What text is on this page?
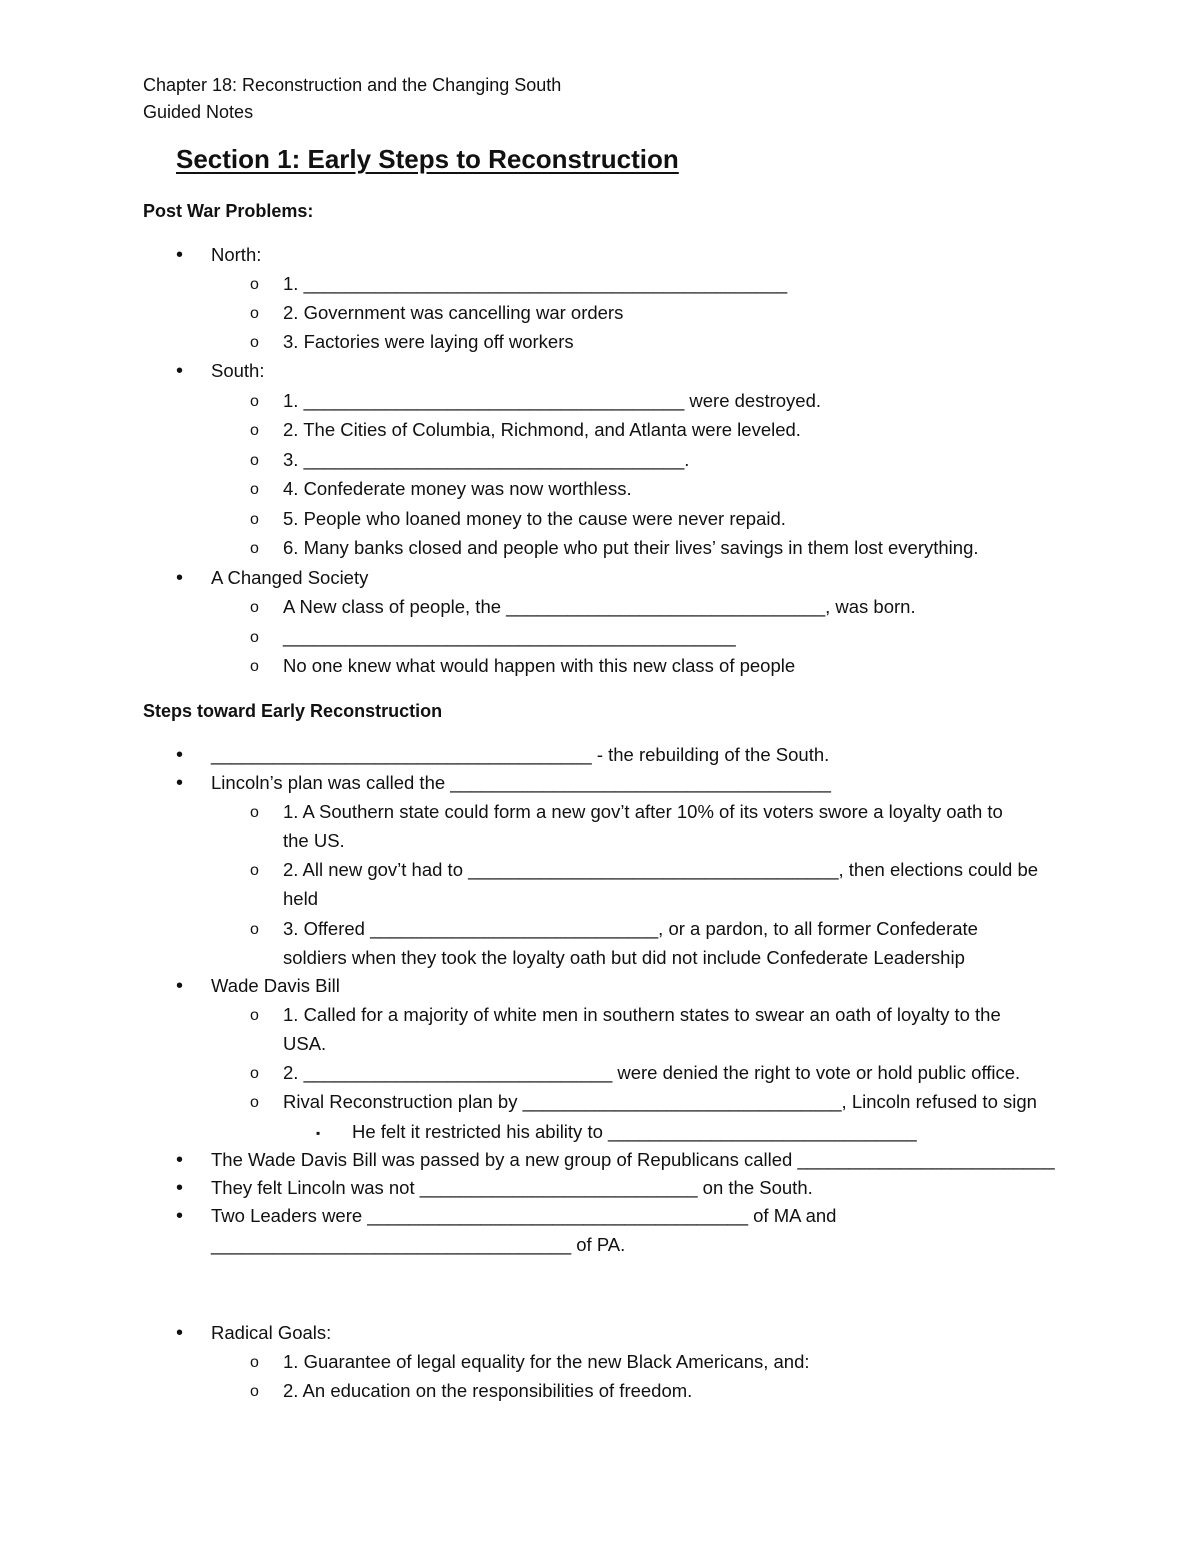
Chapter 18: Reconstruction and the Changing South
Guided Notes
Section 1: Early Steps to Reconstruction
Post War Problems:
• North:
o 1. _______________________________________________
o 2. Government was cancelling war orders
o 3. Factories were laying off workers
• South:
o 1. _____________________________________ were destroyed.
o 2. The Cities of Columbia, Richmond, and Atlanta were leveled.
o 3. _____________________________________.
o 4. Confederate money was now worthless.
o 5. People who loaned money to the cause were never repaid.
o 6. Many banks closed and people who put their lives’ savings in them lost everything.
• A Changed Society
o A New class of people, the _______________________________, was born.
o ____________________________________________
o No one knew what would happen with this new class of people
Steps toward Early Reconstruction
• _____________________________________ - the rebuilding of the South.
• Lincoln’s plan was called the _____________________________________
o 1. A Southern state could form a new gov’t after 10% of its voters swore a loyalty oath to
the US.
o 2. All new gov’t had to ____________________________________, then elections could be
held
o 3. Offered ____________________________, or a pardon, to all former Confederate
soldiers when they took the loyalty oath but did not include Confederate Leadership
• Wade Davis Bill
o 1. Called for a majority of white men in southern states to swear an oath of loyalty to the
USA.
o 2. ______________________________ were denied the right to vote or hold public office.
o Rival Reconstruction plan by _______________________________, Lincoln refused to sign
▪ He felt it restricted his ability to ______________________________
• The Wade Davis Bill was passed by a new group of Republicans called _________________________
• They felt Lincoln was not ___________________________ on the South.
• Two Leaders were _____________________________________ of MA and
___________________________________ of PA.
• Radical Goals:
o 1. Guarantee of legal equality for the new Black Americans, and:
o 2. An education on the responsibilities of freedom.
